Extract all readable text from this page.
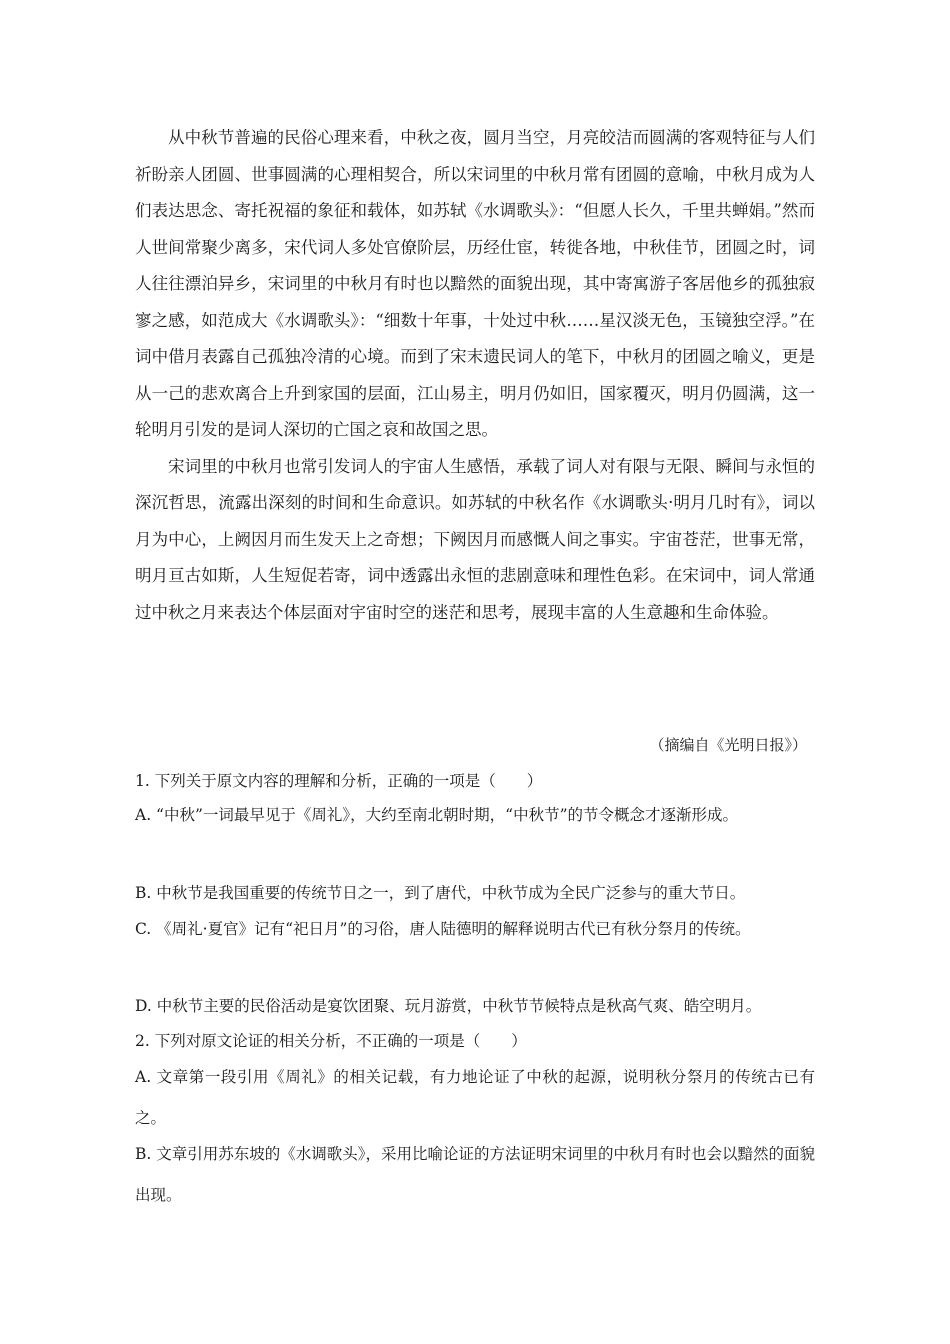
从中秋节普遍的民俗心理来看，中秋之夜，圆月当空，月亮皎洁而圆满的客观特征与人们祈盼亲人团圆、世事圆满的心理相契合，所以宋词里的中秋月常有团圆的意喻，中秋月成为人们表达思念、寄托祝福的象征和载体，如苏轼《水调歌头》：“但愿人长久，千里共蝉娟。”然而人世间常聚少离多，宋代词人多处官僚阶层，历经仕宦，转徙各地，中秋佳节，团圆之时，词人往往漂泊异乡，宋词里的中秋月有时也以黯然的面貌出现，其中寄寓游子客居他乡的孤独寂寥之感，如范成大《水调歌头》：“细数十年事，十处过中秋……星汉淡无色，玉镜独空浮。”在词中借月表露自己孤独冷清的心境。而到了宋末遗民词人的笔下，中秋月的团圆之喻义，更是从一己的悲欢离合上升到家国的层面，江山易主，明月仍如旧，国家覆灭，明月仍圆满，这一轮明月引发的是词人深切的亡国之哀和故国之思。

宋词里的中秋月也常引发词人的宇宙人生感悟，承载了词人对有限与无限、瞬间与永恒的深沉哲思，流露出深刻的时间和生命意识。如苏轼的中秋名作《水调歌头·明月几时有》，词以月为中心，上阙因月而生发天上之奇想；下阙因月而感慨人间之事实。宇宙苍茫，世事无常，明月亘古如斯，人生短促若寄，词中透露出永恒的悲剧意味和理性色彩。在宋词中，词人常通过中秋之月来表达个体层面对宇宙时空的迷茫和思考，展现丰富的人生意趣和生命体验。

（摘编自《光明日报》）

1. 下列关于原文内容的理解和分析，正确的一项是（　　）

A. “中秋”一词最早见于《周礼》，大约至南北朝时期，“中秋节”的节令概念才逐渐形成。

B. 中秋节是我国重要的传统节日之一，到了唐代，中秋节成为全民广泛参与的重大节日。

C. 《周礼·夏官》记有“祀日月”的习俗，唐人陆德明的解释说明古代已有秋分祭月的传统。

D. 中秋节主要的民俗活动是宴饮团聚、玩月游赏，中秋节节候特点是秋高气爽、皓空明月。

2. 下列对原文论证的相关分析，不正确的一项是（　　）

A. 文章第一段引用《周礼》的相关记载，有力地论证了中秋的起源，说明秋分祭月的传统古已有之。

B. 文章引用苏东坡的《水调歌头》，采用比喻论证的方法证明宋词里的中秋月有时也会以黯然的面貌出现。
